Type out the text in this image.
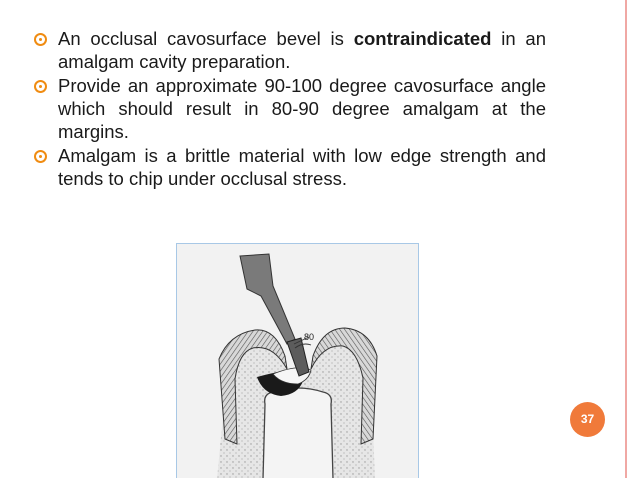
An occlusal cavosurface bevel is contraindicated in an amalgam cavity preparation.
Provide an approximate 90-100 degree cavosurface angle which should result in 80-90 degree amalgam at the margins.
Amalgam is a brittle material with low edge strength and tends to chip under occlusal stress.
80
37
